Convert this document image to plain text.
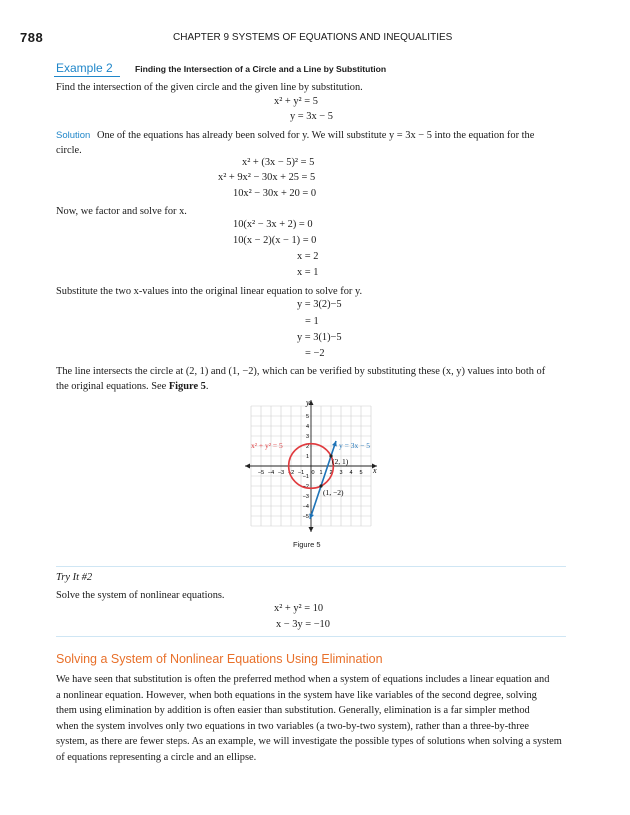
788	CHAPTER 9 SYSTEMS OF EQUATIONS AND INEQUALITIES
Example 2	Finding the Intersection of a Circle and a Line by Substitution
Find the intersection of the given circle and the given line by substitution.
x² + y² = 5
y = 3x − 5
Solution One of the equations has already been solved for y. We will substitute y = 3x − 5 into the equation for the
circle.
x² + (3x − 5)² = 5
x² + 9x² − 30x + 25 = 5
10x² − 30x + 20 = 0
Now, we factor and solve for x.
10(x² − 3x + 2) = 0
10(x − 2)(x − 1) = 0
x = 2
x = 1
Substitute the two x-values into the original linear equation to solve for y.
y = 3(2)−5
= 1
y = 3(1)−5
= −2
The line intersects the circle at (2, 1) and (1, −2), which can be verified by substituting these (x, y) values into both of
the original equations. See Figure 5.
−5 −4 −3 −2 −1 0 1 2 3 4 5
−5
−4
−3
−2
−1
1
2
3
4
5
y
x
x² + y² = 5	y = 3x − 5
(2, 1)
(1, −2)
Figure 5
Try It #2
Solve the system of nonlinear equations.
x² + y² = 10
x − 3y = −10
Solving a System of Nonlinear Equations Using Elimination
We have seen that substitution is often the preferred method when a system of equations includes a linear equation and
a nonlinear equation. However, when both equations in the system have like variables of the second degree, solving
them using elimination by addition is often easier than substitution. Generally, elimination is a far simpler method
when the system involves only two equations in two variables (a two-by-two system), rather than a three-by-three
system, as there are fewer steps. As an example, we will investigate the possible types of solutions when solving a system
of equations representing a circle and an ellipse.
